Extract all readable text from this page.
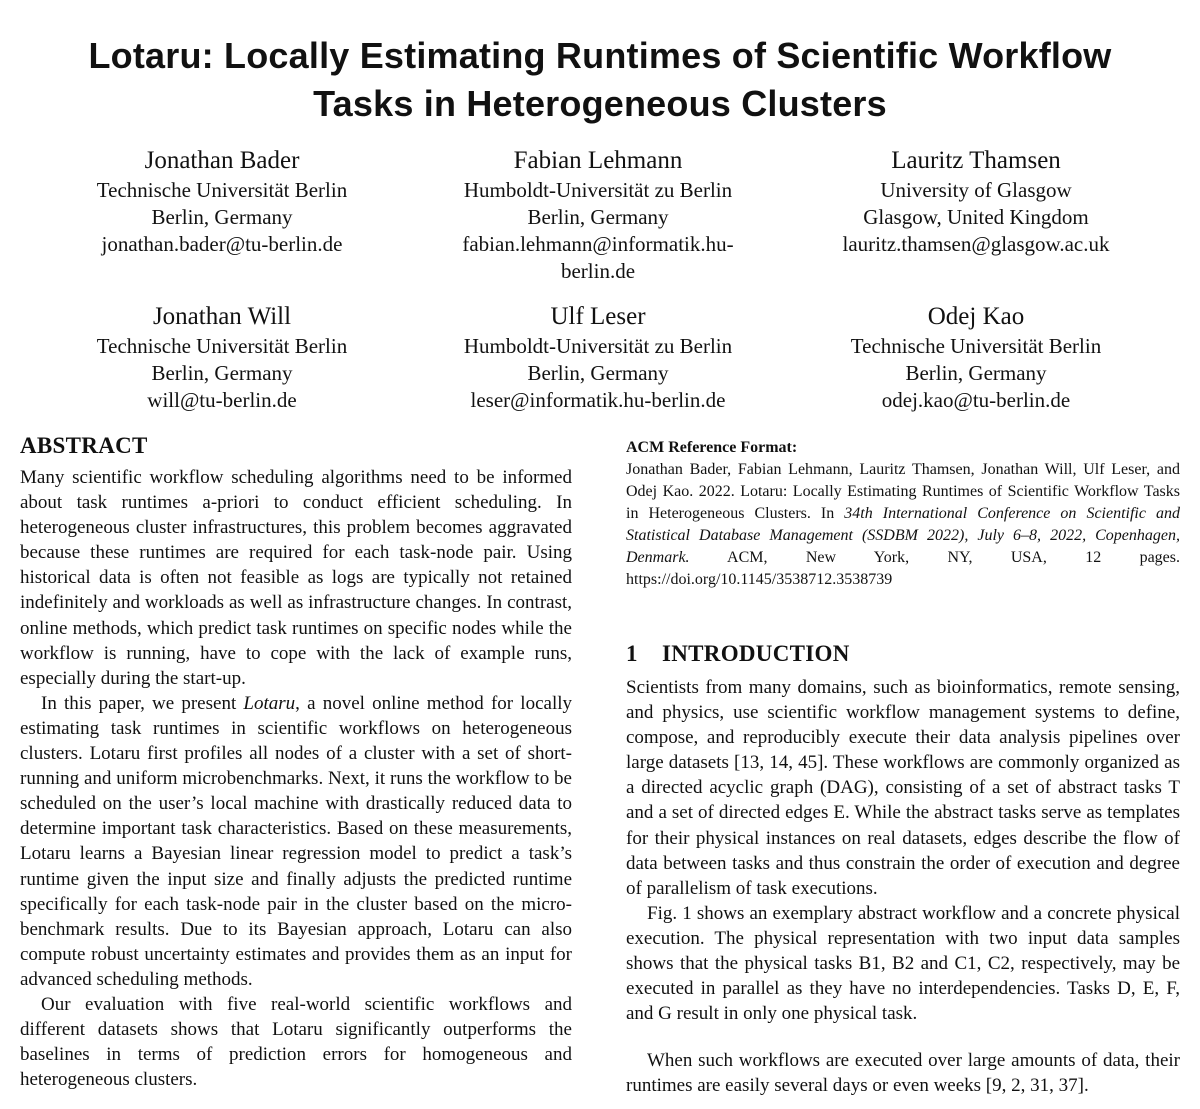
Lotaru: Locally Estimating Runtimes of Scientific Workflow
Tasks in Heterogeneous Clusters
Jonathan Bader
Technische Universität Berlin
Berlin, Germany
jonathan.bader@tu-berlin.de
Fabian Lehmann
Humboldt-Universität zu Berlin
Berlin, Germany
fabian.lehmann@informatik.hu-
berlin.de
Lauritz Thamsen
University of Glasgow
Glasgow, United Kingdom
lauritz.thamsen@glasgow.ac.uk
Jonathan Will
Technische Universität Berlin
Berlin, Germany
will@tu-berlin.de
Ulf Leser
Humboldt-Universität zu Berlin
Berlin, Germany
leser@informatik.hu-berlin.de
Odej Kao
Technische Universität Berlin
Berlin, Germany
odej.kao@tu-berlin.de
ABSTRACT

Many scientific workflow scheduling algorithms need to be informed about task runtimes a-priori to conduct efficient scheduling. In heterogeneous cluster infrastructures, this problem becomes aggravated because these runtimes are required for each task-node pair. Using historical data is often not feasible as logs are typically not retained indefinitely and workloads as well as infrastructure changes. In contrast, online methods, which predict task runtimes on specific nodes while the workflow is running, have to cope with the lack of example runs, especially during the start-up.

In this paper, we present Lotaru, a novel online method for locally estimating task runtimes in scientific workflows on heterogeneous clusters. Lotaru first profiles all nodes of a cluster with a set of short-running and uniform microbenchmarks. Next, it runs the workflow to be scheduled on the user’s local machine with drastically reduced data to determine important task characteristics. Based on these measurements, Lotaru learns a Bayesian linear regression model to predict a task’s runtime given the input size and finally adjusts the predicted runtime specifically for each task-node pair in the cluster based on the micro-benchmark results. Due to its Bayesian approach, Lotaru can also compute robust uncertainty estimates and provides them as an input for advanced scheduling methods.

Our evaluation with five real-world scientific workflows and different datasets shows that Lotaru significantly outperforms the baselines in terms of prediction errors for homogeneous and heterogeneous clusters.

ACM Reference Format:
Jonathan Bader, Fabian Lehmann, Lauritz Thamsen, Jonathan Will, Ulf Leser, and Odej Kao. 2022. Lotaru: Locally Estimating Runtimes of Scientific Workflow Tasks in Heterogeneous Clusters. In 34th International Conference on Scientific and Statistical Database Management (SSDBM 2022), July 6–8, 2022, Copenhagen, Denmark. ACM, New York, NY, USA, 12 pages. https://doi.org/10.1145/3538712.3538739
1 INTRODUCTION

Scientists from many domains, such as bioinformatics, remote sensing, and physics, use scientific workflow management systems to define, compose, and reproducibly execute their data analysis pipelines over large datasets [13, 14, 45]. These workflows are commonly organized as a directed acyclic graph (DAG), consisting of a set of abstract tasks T and a set of directed edges E. While the abstract tasks serve as templates for their physical instances on real datasets, edges describe the flow of data between tasks and thus constrain the order of execution and degree of parallelism of task executions.

Fig. 1 shows an exemplary abstract workflow and a concrete physical execution. The physical representation with two input data samples shows that the physical tasks B1, B2 and C1, C2, respectively, may be executed in parallel as they have no interdependencies. Tasks D, E, F, and G result in only one physical task.

When such workflows are executed over large amounts of data, their runtimes are easily several days or even weeks [9, 2, 31, 37].
